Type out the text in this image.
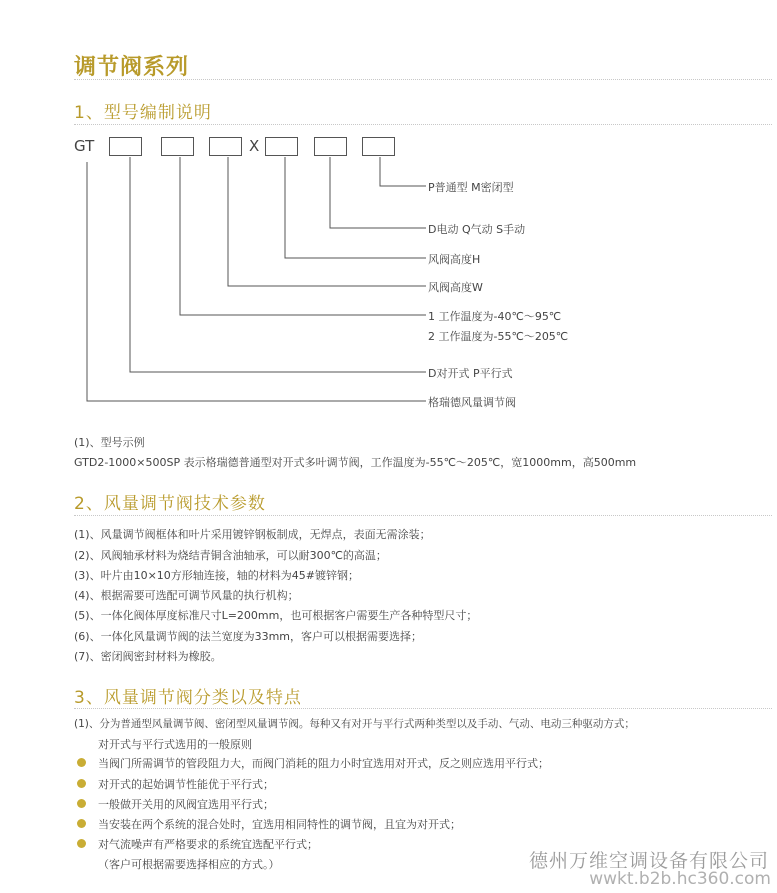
调节阀系列
1、型号编制说明
GT	X
P普通型 M密闭型
D电动 Q气动 S手动
风阀高度H
风阀高度W
1 工作温度为-40℃～95℃
2 工作温度为-55℃～205℃
D对开式 P平行式
格瑞德风量调节阀
(1)、型号示例
GTD2-1000×500SP 表示格瑞德普通型对开式多叶调节阀，工作温度为-55℃～205℃，宽1000mm，高500mm
2、风量调节阀技术参数
(1)、风量调节阀框体和叶片采用镀锌钢板制成，无焊点，表面无需涂装；
(2)、风阀轴承材料为烧结青铜含油轴承，可以耐300℃的高温；
(3)、叶片由10×10方形轴连接，轴的材料为45#镀锌钢；
(4)、根据需要可选配可调节风量的执行机构；
(5)、一体化阀体厚度标准尺寸L=200mm，也可根据客户需要生产各种特型尺寸；
(6)、一体化风量调节阀的法兰宽度为33mm，客户可以根据需要选择；
(7)、密闭阀密封材料为橡胶。
3、风量调节阀分类以及特点
(1)、分为普通型风量调节阀、密闭型风量调节阀。每种又有对开与平行式两种类型以及手动、气动、电动三种驱动方式；
对开式与平行式选用的一般原则
当阀门所需调节的管段阻力大，而阀门消耗的阻力小时宜选用对开式，反之则应选用平行式；
对开式的起始调节性能优于平行式；
一般做开关用的风阀宜选用平行式；
当安装在两个系统的混合处时，宜选用相同特性的调节阀，且宜为对开式；
对气流噪声有严格要求的系统宜选配平行式；
（客户可根据需要选择相应的方式。）	德州万维空调设备有限公司
wwkt.b2b.hc360.com
